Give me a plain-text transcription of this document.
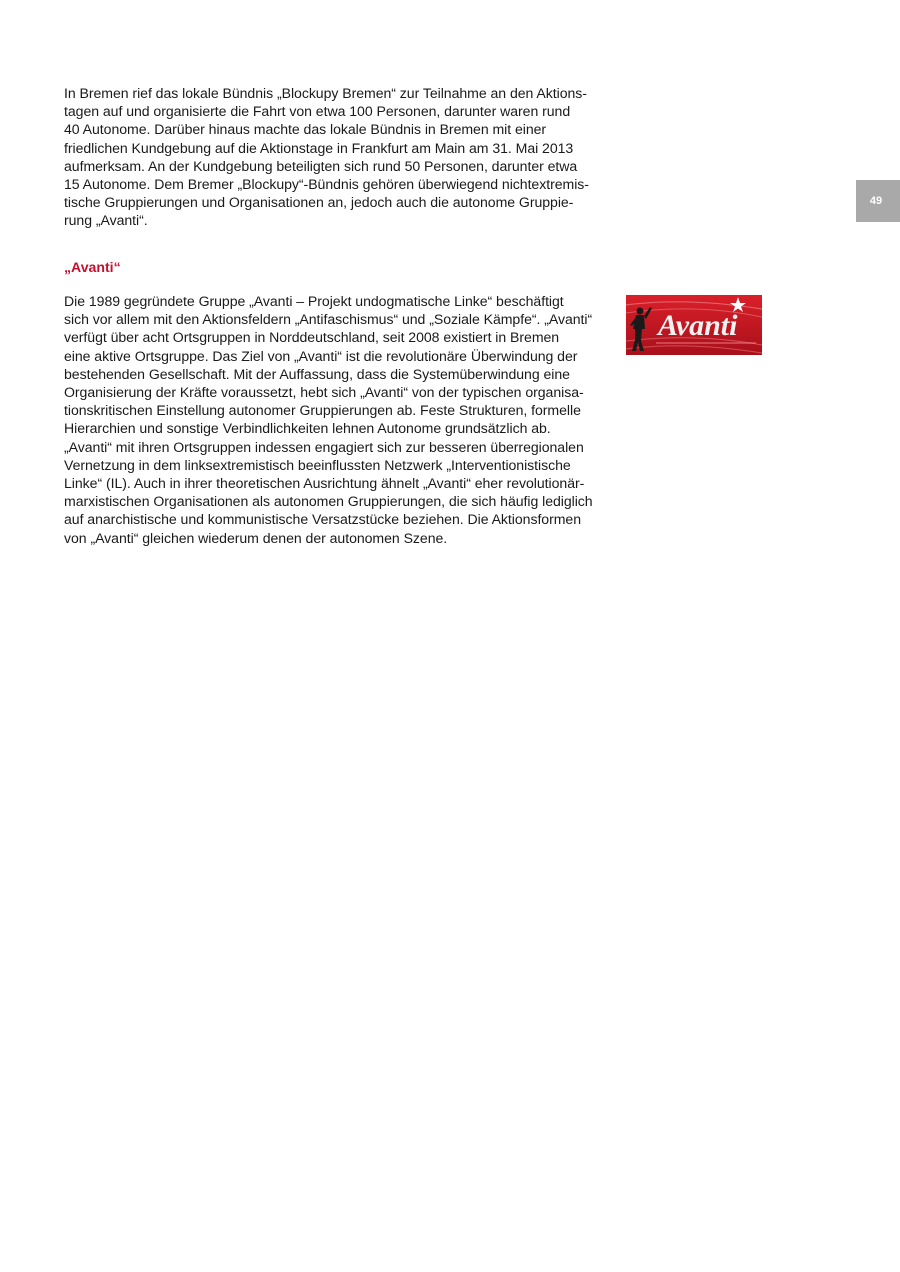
49

In Bremen rief das lokale Bündnis „Blockupy Bremen“ zur Teilnahme an den Aktions-
tagen auf und organisierte die Fahrt von etwa 100 Personen, darunter waren rund
40 Autonome. Darüber hinaus machte das lokale Bündnis in Bremen mit einer
friedlichen Kundgebung auf die Aktionstage in Frankfurt am Main am 31. Mai 2013
aufmerksam. An der Kundgebung beteiligten sich rund 50 Personen, darunter etwa
15 Autonome. Dem Bremer „Blockupy“-Bündnis gehören überwiegend nichtextremis-
tische Gruppierungen und Organisationen an, jedoch auch die autonome Gruppie-
rung „Avanti“.

„Avanti“

Die 1989 gegründete Gruppe „Avanti – Projekt undogmatische Linke“ beschäftigt
sich vor allem mit den Aktionsfeldern „Antifaschismus“ und „Soziale Kämpfe“. „Avanti“
verfügt über acht Ortsgruppen in Norddeutschland, seit 2008 existiert in Bremen
eine aktive Ortsgruppe. Das Ziel von „Avanti“ ist die revolutionäre Überwindung der
bestehenden Gesellschaft. Mit der Auffassung, dass die Systemüberwindung eine
Organisierung der Kräfte voraussetzt, hebt sich „Avanti“ von der typischen organisa-
tionskritischen Einstellung autonomer Gruppierungen ab. Feste Strukturen, formelle
Hierarchien und sonstige Verbindlichkeiten lehnen Autonome grundsätzlich ab.
„Avanti“ mit ihren Ortsgruppen indessen engagiert sich zur besseren überregionalen
Vernetzung in dem linksextremistisch beeinflussten Netzwerk „Interventionistische
Linke“ (IL). Auch in ihrer theoretischen Ausrichtung ähnelt „Avanti“ eher revolutionär-
marxistischen Organisationen als autonomen Gruppierungen, die sich häufig lediglich
auf anarchistische und kommunistische Versatzstücke beziehen. Die Aktionsformen
von „Avanti“ gleichen wiederum denen der autonomen Szene.

Avanti
